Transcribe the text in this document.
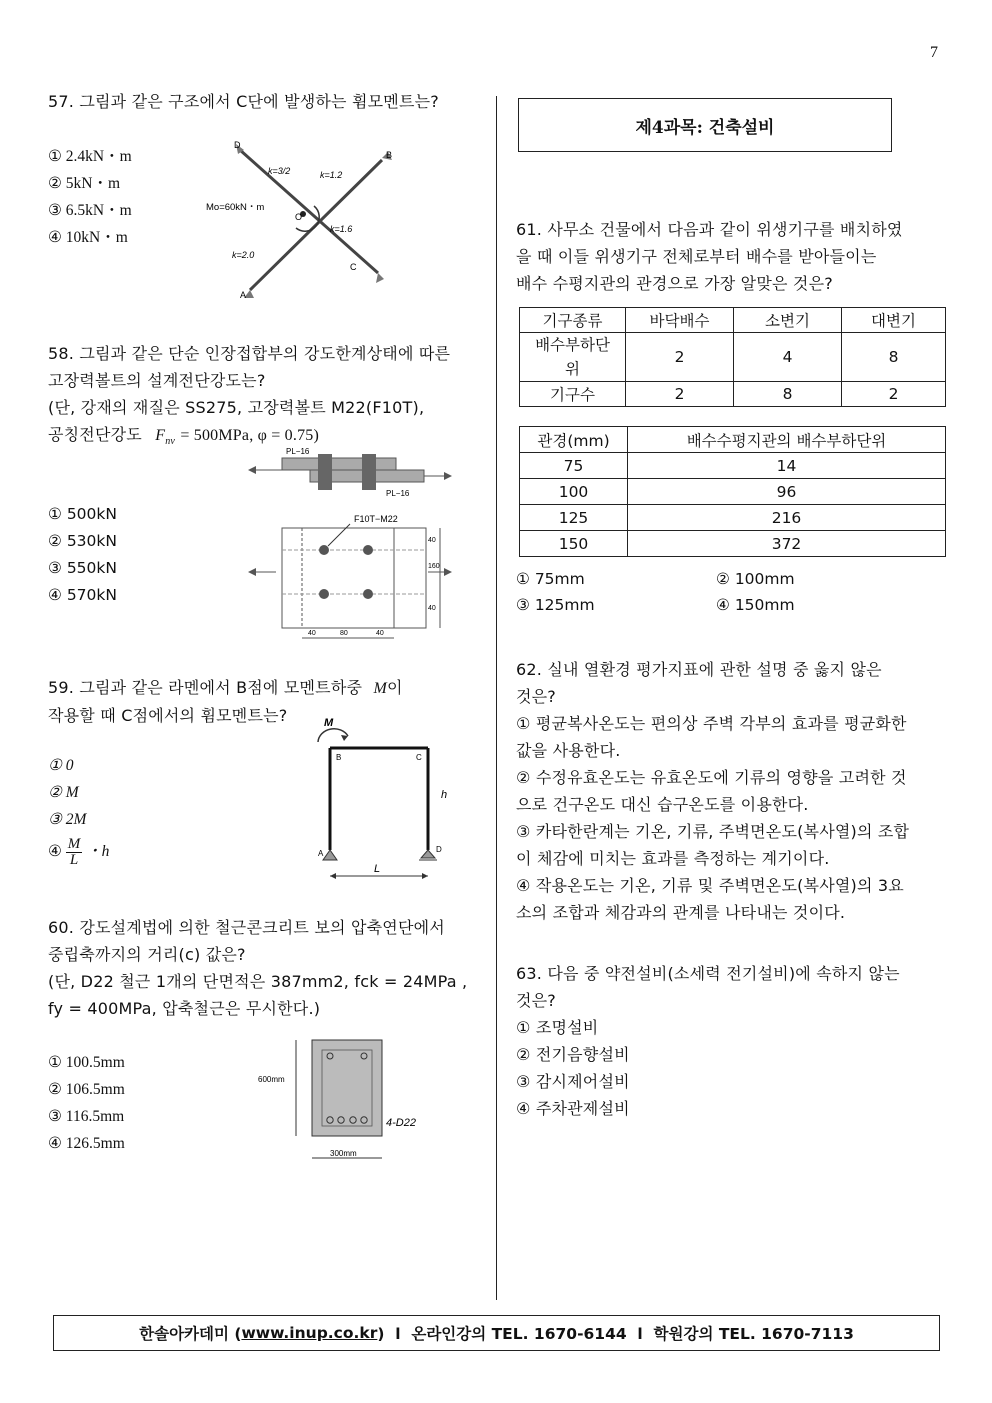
7

57. 그림과 같은 구조에서 C단에 발생하는 휨모멘트는?

① 2.4kN・m
② 5kN・m
③ 6.5kN・m
④ 10kN・m
D
B
C
A
O
k=3/2	k=1.2
k=1.6
k=2.0
Mo=60kN・m

58. 그림과 같은 단순 인장접합부의 강도한계상태에 따른

고장력볼트의 설계전단강도는?

(단, 강재의 재질은 SS275, 고장력볼트 M22(F10T),

공칭전단강도 $F_{nv} = 500MPa$, φ = 0.75)

① 500kN
② 530kN
③ 550kN
④ 570kN
PL−16
PL−16
F10T−M22
40	80	40
40
160
40

59. 그림과 같은 라멘에서 B점에 모멘트하중 M이

작용할 때 C점에서의 휨모멘트는?

① 0
② M
③ 2M
④ $\frac{M}{L}$ ・h
M
B	C
A	D
h
L

60. 강도설계법에 의한 철근콘크리트 보의 압축연단에서

중립축까지의 거리(c) 값은?

(단, D22 철근 1개의 단면적은 387mm2, fck = 24MPa ,

fy = 400MPa, 압축철근은 무시한다.)

① 100.5mm
② 106.5mm
③ 116.5mm
④ 126.5mm
600mm
300mm
4-D22
제4과목: 건축설비

61. 사무소 건물에서 다음과 같이 위생기구를 배치하였

을 때 이들 위생기구 전체로부터 배수를 받아들이는

배수 수평지관의 관경으로 가장 알맞은 것은?

기구종류	바닥배수	소변기	대변기
배수부하단위	2	4	8
기구수	2	8	2
관경(mm)	배수수평지관의 배수부하단위
75	14
100	96
125	216
150	372
① 75mm	② 100mm
③ 125mm	④ 150mm

62. 실내 열환경 평가지표에 관한 설명 중 옳지 않은

것은?

① 평균복사온도는 편의상 주벽 각부의 효과를 평균화한

값을 사용한다.

② 수정유효온도는 유효온도에 기류의 영향을 고려한 것

으로 건구온도 대신 습구온도를 이용한다.

③ 카타한란계는 기온, 기류, 주벽면온도(복사열)의 조합

이 체감에 미치는 효과를 측정하는 계기이다.

④ 작용온도는 기온, 기류 및 주벽면온도(복사열)의 3요

소의 조합과 체감과의 관계를 나타내는 것이다.

63. 다음 중 약전설비(소세력 전기설비)에 속하지 않는

것은?

① 조명설비

② 전기음향설비

③ 감시제어설비

④ 주차관제설비

한솔아카데미 ( www.inup.co.kr )  l  온라인강의 TEL. 1670-6144  l  학원강의 TEL. 1670-7113
